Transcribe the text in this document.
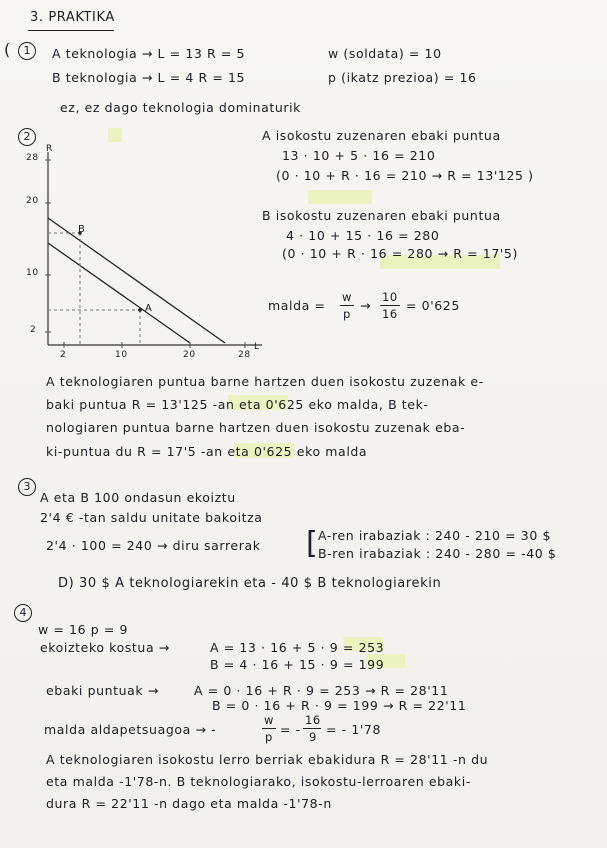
3. PRAKTIKA
(	1	A teknologia → L = 13 R = 5	w (soldata) = 10
B teknologia → L = 4 R = 15	p (ikatz prezioa) = 16
ez, ez dago teknologia dominaturik
2
R
L
28
20
10
2
2	10	20	28
B
A
A isokostu zuzenaren ebaki puntua
13 · 10 + 5 · 16 = 210
(0 · 10 + R · 16 = 210 → R = 13'125 )
B isokostu zuzenaren ebaki puntua
4 · 10 + 15 · 16 = 280
(0 · 10 + R · 16 = 280 → R = 17'5)
malda =
w
p
→
10
16
= 0'625
A teknologiaren puntua barne hartzen duen isokostu zuzenak e-
baki puntua R = 13'125 -an eta 0'625 eko malda, B tek-
nologiaren puntua barne hartzen duen isokostu zuzenak eba-
ki-puntua du R = 17'5 -an eta 0'625 eko malda
3
A eta B 100 ondasun ekoiztu
2'4 € -tan saldu unitate bakoitza
2'4 · 100 = 240 → diru sarrerak [ A-ren irabaziak : 240 - 210 = 30 $
B-ren irabaziak : 240 - 280 = -40 $
D) 30 $ A teknologiarekin eta - 40 $ B teknologiarekin
4
w = 16 p = 9
ekoizteko kostua →	A = 13 · 16 + 5 · 9 = 253
B = 4 · 16 + 15 · 9 = 199
ebaki puntuak →	A = 0 · 16 + R · 9 = 253 → R = 28'11
B = 0 · 16 + R · 9 = 199 → R = 22'11
malda aldapetsuagoa → -
w
p = -
16
9 = - 1'78
A teknologiaren isokostu lerro berriak ebakidura R = 28'11 -n du
eta malda -1'78-n. B teknologiarako, isokostu-lerroaren ebaki-
dura R = 22'11 -n dago eta malda -1'78-n
